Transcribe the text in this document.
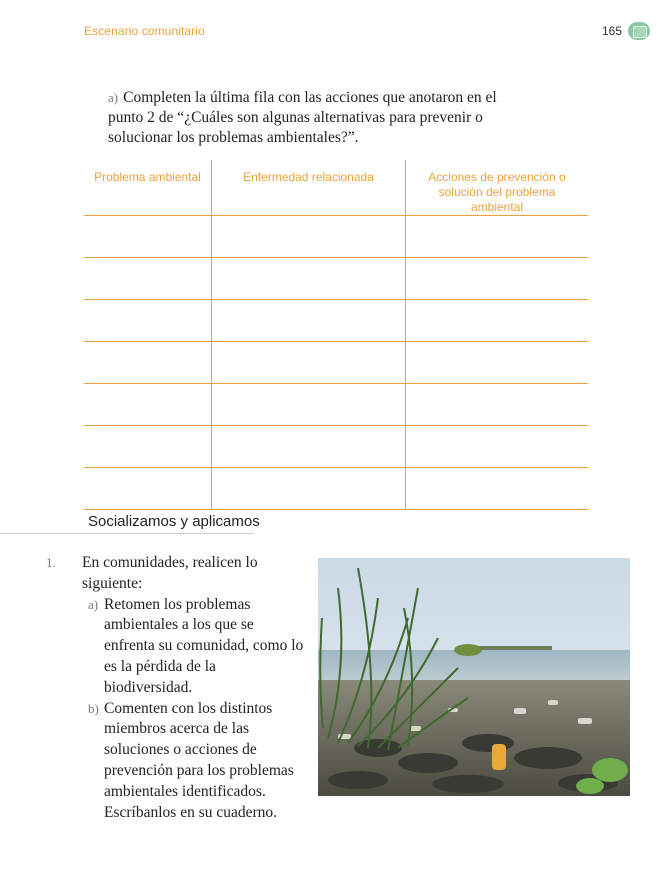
Escenario comunitario	165
a) Completen la última fila con las acciones que anotaron en el punto 2 de “¿Cuáles son algunas alternativas para prevenir o solucionar los problemas ambientales?”.
Problema ambiental	Enfermedad relacionada	Acciones de prevención o solución del problema ambiental

Socializamos y aplicamos
1. En comunidades, realicen lo siguiente:
a) Retomen los problemas ambientales a los que se enfrenta su comunidad, como lo es la pérdida de la biodiversidad.
b) Comenten con los distintos miembros acerca de las soluciones o acciones de prevención para los problemas ambientales identificados. Escríbanlos en su cuaderno.
